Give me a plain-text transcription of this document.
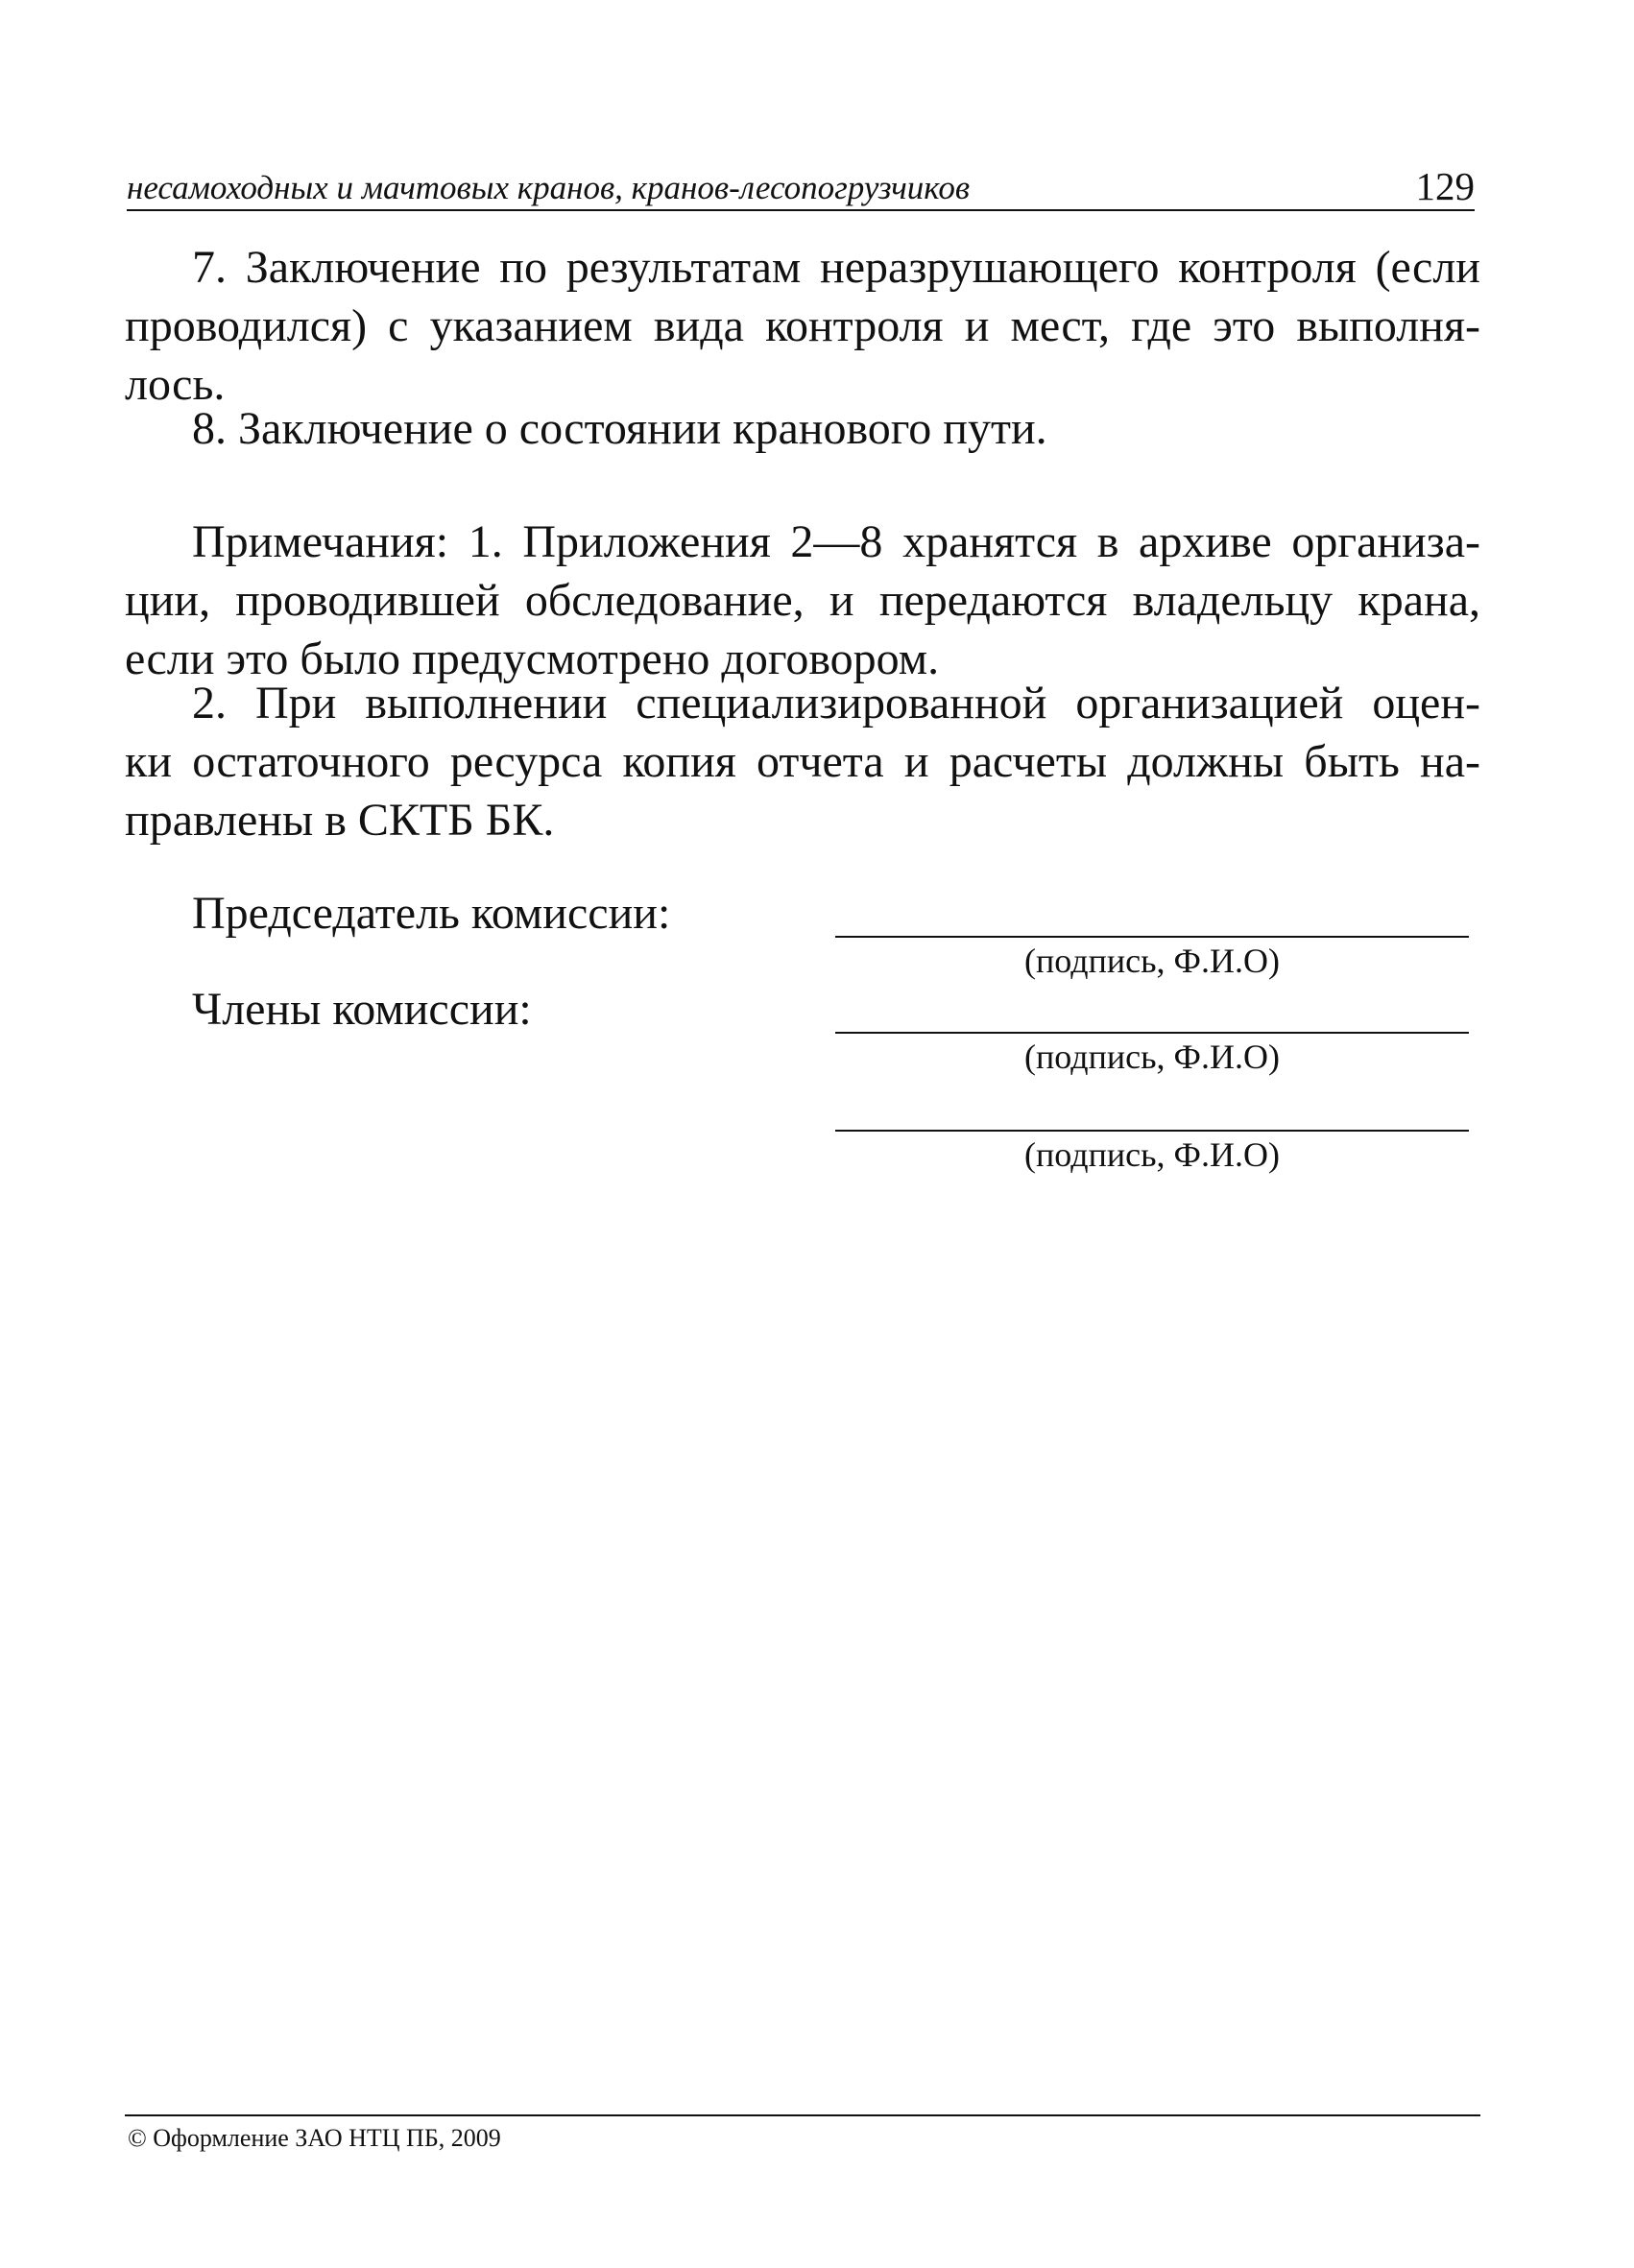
несамоходных и мачтовых кранов, кранов-лесопогрузчиков	129

7. Заключение по результатам неразрушающего контроля (если
проводился) с указанием вида контроля и мест, где это выполня-
лось.

8. Заключение о состоянии кранового пути.

Примечания: 1. Приложения 2—8 хранятся в архиве организа-
ции, проводившей обследование, и передаются владельцу крана,
если это было предусмотрено договором.

2. При выполнении специализированной организацией оцен-
ки остаточного ресурса копия отчета и расчеты должны быть на-
правлены в СКТБ БК.

Председатель комиссии:
(подпись, Ф.И.О)
Члены комиссии:
(подпись, Ф.И.О)
(подпись, Ф.И.О)
© Оформление ЗАО НТЦ ПБ, 2009
